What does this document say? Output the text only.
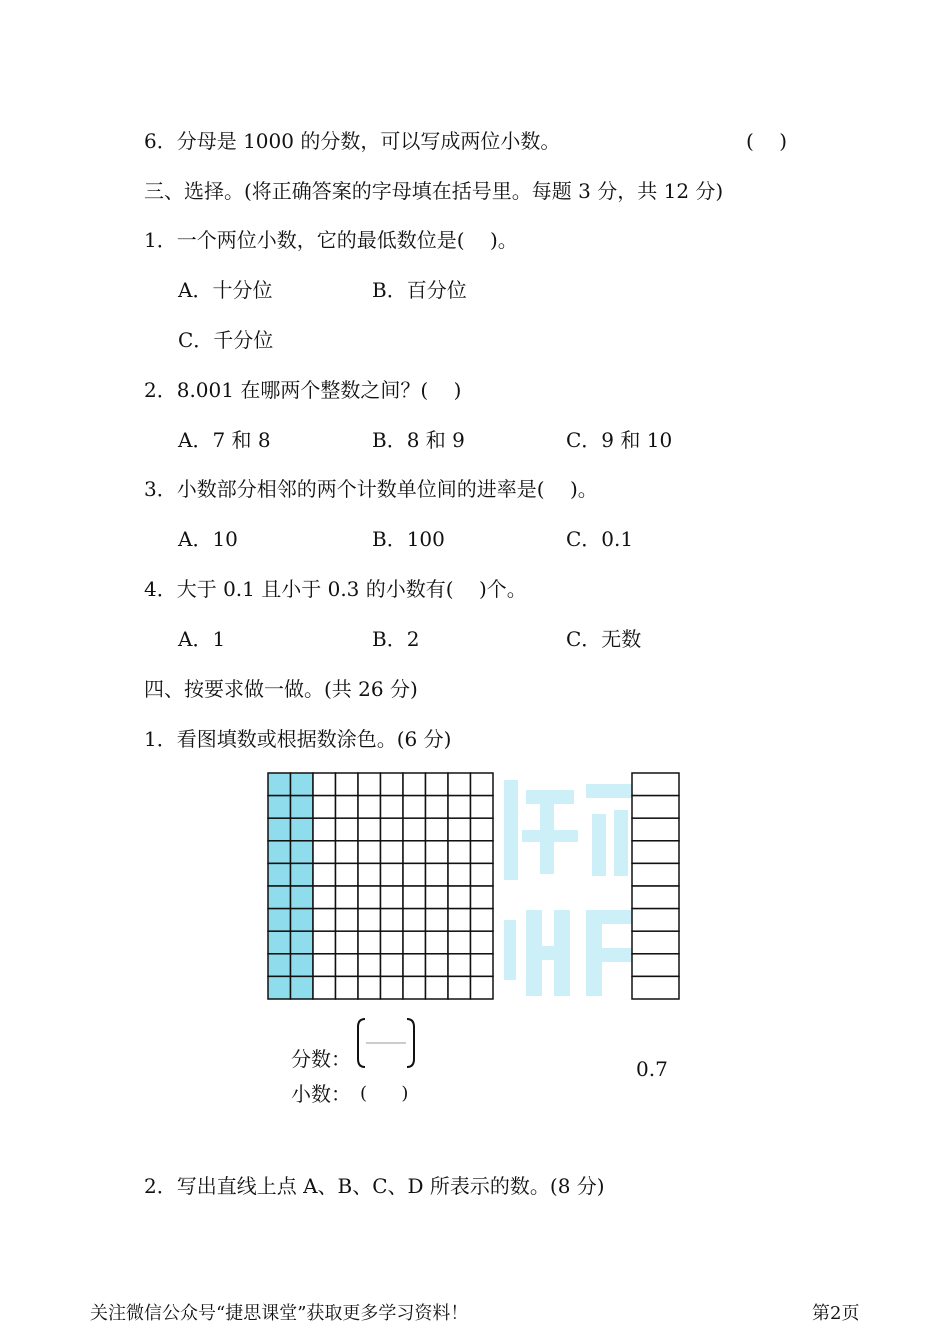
6．分母是 1000 的分数，可以写成两位小数。	(    )
三、选择。(将正确答案的字母填在括号里。每题 3 分，共 12 分)
1．一个两位小数，它的最低数位是(    )。
A．十分位	B．百分位
C．千分位
2．8.001 在哪两个整数之间？(    )
A．7 和 8	B．8 和 9	C．9 和 10
3．小数部分相邻的两个计数单位间的进率是(    )。
A．10	B．100	C．0.1
4．大于 0.1 且小于 0.3 的小数有(    )个。
A．1	B．2	C．无数
四、按要求做一做。(共 26 分)
1．看图填数或根据数涂色。(6 分)
分数：
小数： (      )
0.7
2．写出直线上点 A、B、C、D 所表示的数。(8 分)
关注微信公众号“捷思课堂”获取更多学习资料！	第2页
